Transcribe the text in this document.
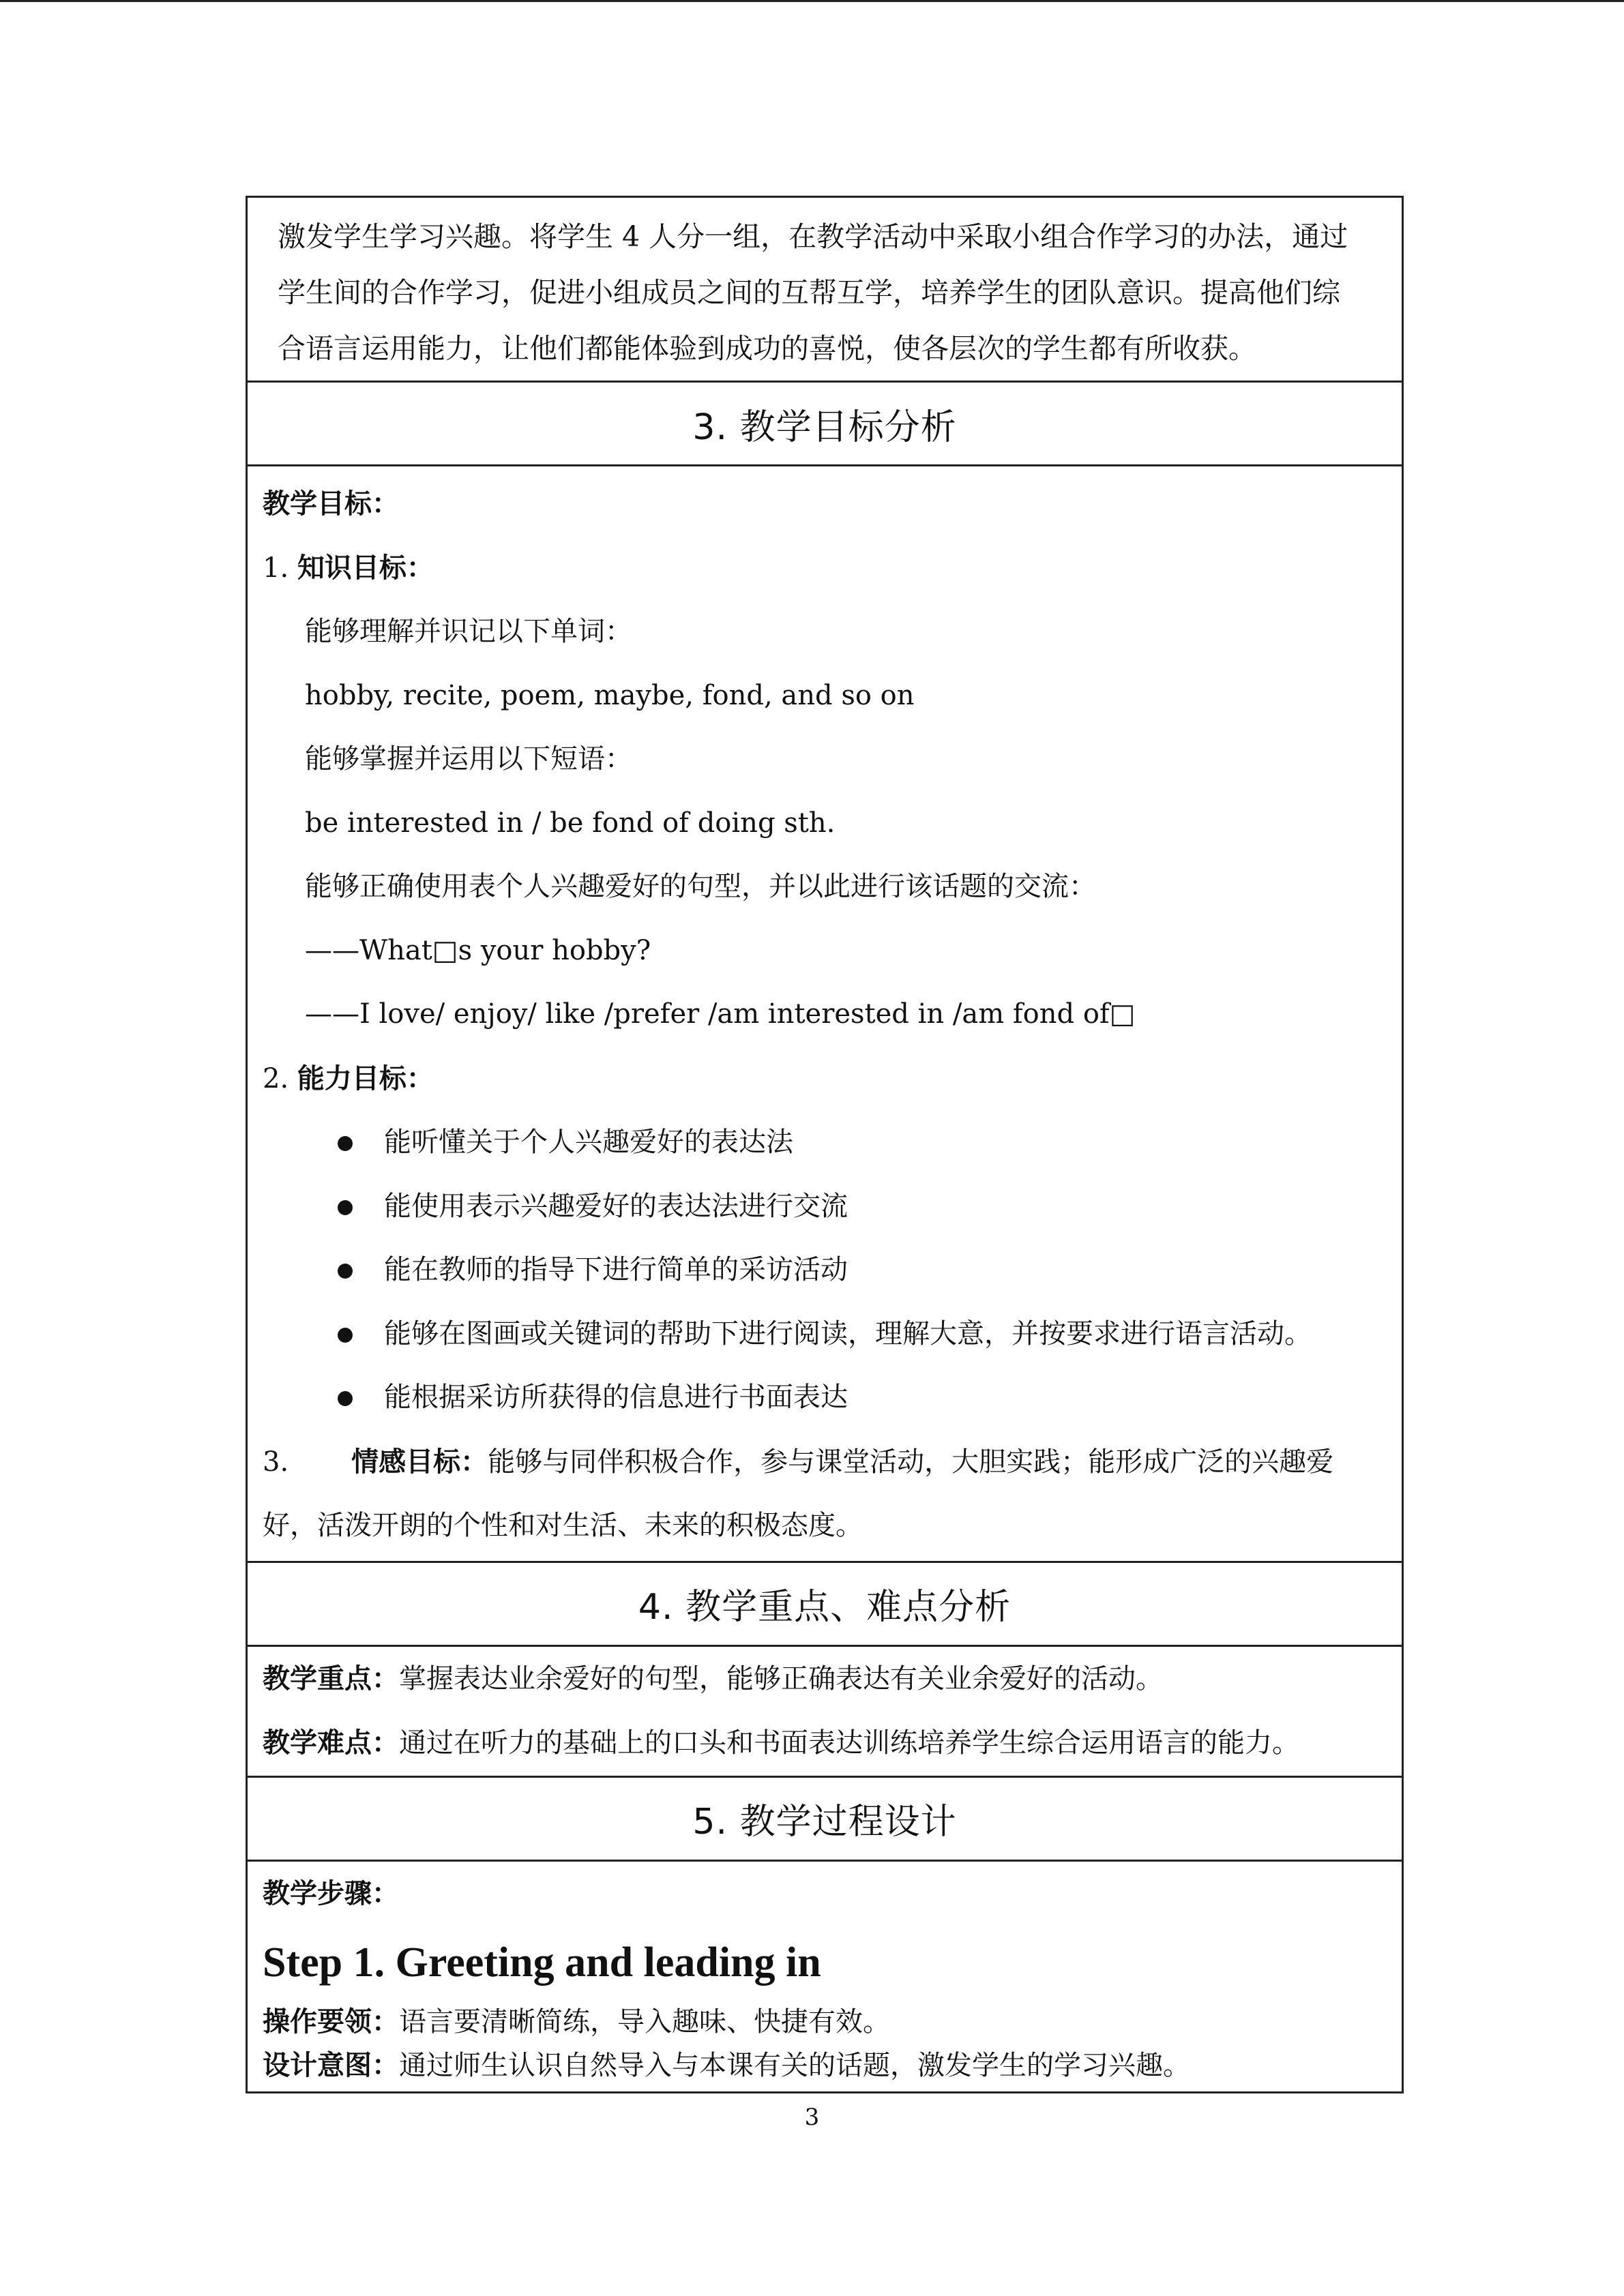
激发学生学习兴趣。将学生 4 人分一组，在教学活动中采取小组合作学习的办法，通过

学生间的合作学习，促进小组成员之间的互帮互学，培养学生的团队意识。提高他们综

合语言运用能力，让他们都能体验到成功的喜悦，使各层次的学生都有所收获。

3. 教学目标分析
教学目标：
1. 知识目标：
能够理解并识记以下单词：
hobby, recite, poem, maybe, fond, and so on
能够掌握并运用以下短语：
be interested in / be fond of doing sth.
能够正确使用表个人兴趣爱好的句型，并以此进行该话题的交流：
——What□s your hobby?
——I love/ enjoy/ like /prefer /am interested in /am fond of□
2. 能力目标：
能听懂关于个人兴趣爱好的表达法
能使用表示兴趣爱好的表达法进行交流
能在教师的指导下进行简单的采访活动
能够在图画或关键词的帮助下进行阅读，理解大意，并按要求进行语言活动。
能根据采访所获得的信息进行书面表达
3. 情感目标：能够与同伴积极合作，参与课堂活动，大胆实践；能形成广泛的兴趣爱
好，活泼开朗的个性和对生活、未来的积极态度。
4. 教学重点、难点分析
教学重点：掌握表达业余爱好的句型，能够正确表达有关业余爱好的活动。
教学难点：通过在听力的基础上的口头和书面表达训练培养学生综合运用语言的能力。
5. 教学过程设计
教学步骤：
Step 1. Greeting and leading in
操作要领：语言要清晰简练，导入趣味、快捷有效。
设计意图：通过师生认识自然导入与本课有关的话题，激发学生的学习兴趣。
3
